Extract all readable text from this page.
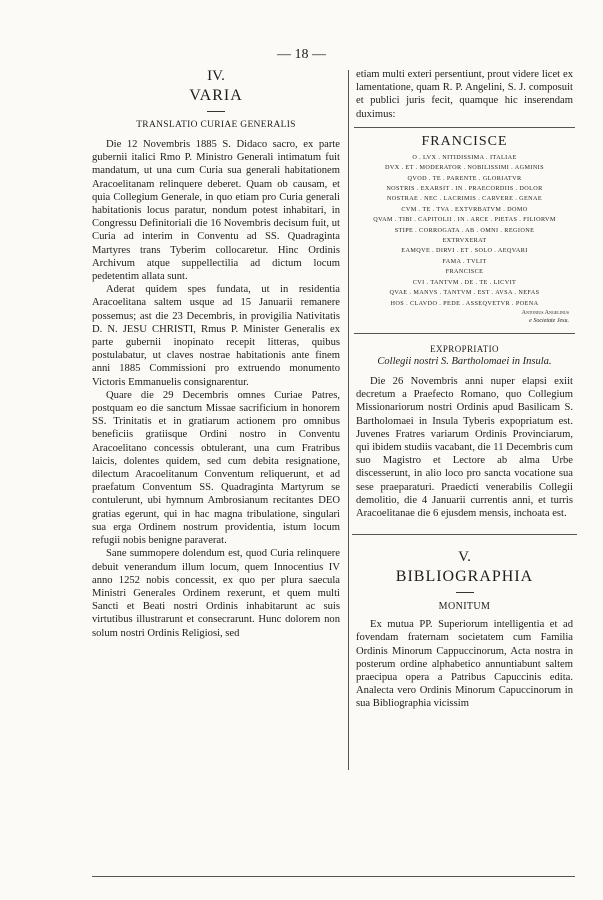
— 18 —
IV.
VARIA
TRANSLATIO CURIAE GENERALIS

Die 12 Novembris 1885 S. Didaco sacro, ex parte gubernii italici Rmo P. Ministro Generali intimatum fuit mandatum, ut una cum Curia sua generali habitationem Aracoelitanam relinquere deberet. Quam ob causam, et quia Collegium Generale, in quo etiam pro Curia generali habitationis locus paratur, nondum potest inhabitari, in Congressu Definitoriali die 16 Novembris decisum fuit, ut Curia ad interim in Conventu ad SS. Quadraginta Martyres trans Tyberim collocaretur. Hinc Ordinis Archivum atque suppellectilia ad dictum locum pedetentim allata sunt.

Aderat quidem spes fundata, ut in residentia Aracoelitana saltem usque ad 15 Januarii remanere possemus; ast die 23 Decembris, in provigilia Nativitatis D. N. JESU CHRISTI, Rmus P. Minister Generalis ex parte gubernii inopinato recepit litteras, quibus postulabatur, ut claves nostrae habitationis ante finem anni 1885 Commissioni pro extruendo monumento Victoris Emmanuelis consignarentur.

Quare die 29 Decembris omnes Curiae Patres, postquam eo die sanctum Missae sacrificium in honorem SS. Trinitatis et in gratiarum actionem pro omnibus beneficiis gratiisque Ordini nostro in Conventu Aracoelitano concessis obtulerant, una cum Fratribus laicis, dolentes quidem, sed cum debita resignatione, dilectum Aracoelitanum Conventum reliquerunt, et ad praefatum Conventum SS. Quadraginta Martyrum se contulerunt, ubi hymnum Ambrosianum recitantes DEO gratias egerunt, qui in hac magna tribulatione, singulari sua erga Ordinem nostrum providentia, istum locum refugii nobis benigne paraverat.

Sane summopere dolendum est, quod Curia relinquere debuit venerandum illum locum, quem Innocentius IV anno 1252 nobis concessit, ex quo per plura saecula Ministri Generales Ordinem rexerunt, et quem multi Sancti et Beati nostri Ordinis inhabitarunt ac suis virtutibus illustrarunt et consecrarunt. Hunc dolorem non solum nostri Ordinis Religiosi, sed

etiam multi exteri persentiunt, prout videre licet ex lamentatione, quam R. P. Angelini, S. J. composuit et publici juris fecit, quamque hic inserendam duximus:

FRANCISCE
O . LVX . NITIDISSIMA . ITALIAE
DVX . ET . MODERATOR . NOBILISSIMI . AGMINIS
QVOD . TE . PARENTE . GLORIATVR
NOSTRIS . EXARSIT . IN . PRAECORDIIS . DOLOR
NOSTRAE . NEC . LACRIMIS . CARVERE . GENAE
CVM . TE . TVA . EXTVRBATVM . DOMO
QVAM . TIBI . CAPITOLII . IN . ARCE . PIETAS . FILIORVM
STIPE . CORROGATA . AB . OMNI . REGIONE
EXTRVXERAT
EAMQVE . DIRVI . ET . SOLO . AEQVARI
FAMA . TVLIT
FRANCISCE
CVI . TANTVM . DE . TE . LICVIT
QVAE . MANVS . TANTVM . EST . AVSA . NEFAS
HOS . CLAVDO . PEDE . ASSEQVETVR . POENA
Antonius Angelinus
e Societate Jesu.
EXPROPRIATIO
Collegii nostri S. Bartholomaei in Insula.

Die 26 Novembris anni nuper elapsi exiit decretum a Praefecto Romano, quo Collegium Missionariorum nostri Ordinis apud Basilicam S. Bartholomaei in Insula Tyberis expopriatum est. Juvenes Fratres variarum Ordinis Provinciarum, qui ibidem studiis vacabant, die 11 Decembris cum suo Magistro et Lectore ab alma Urbe discesserunt, in alio loco pro sancta vocatione sua sese praeparaturi. Praedicti venerabilis Collegii demolitio, die 4 Januarii currentis anni, et turris Aracoelitanae die 6 ejusdem mensis, inchoata est.

V.
BIBLIOGRAPHIA
MONITUM

Ex mutua PP. Superiorum intelligentia et ad fovendam fraternam societatem cum Familia Ordinis Minorum Cappuccinorum, Acta nostra in posterum ordine alphabetico annuntiabunt saltem praecipua opera a Patribus Capuccinis edita. Analecta vero Ordinis Minorum Capuccinorum in sua Bibliographia vicissim
